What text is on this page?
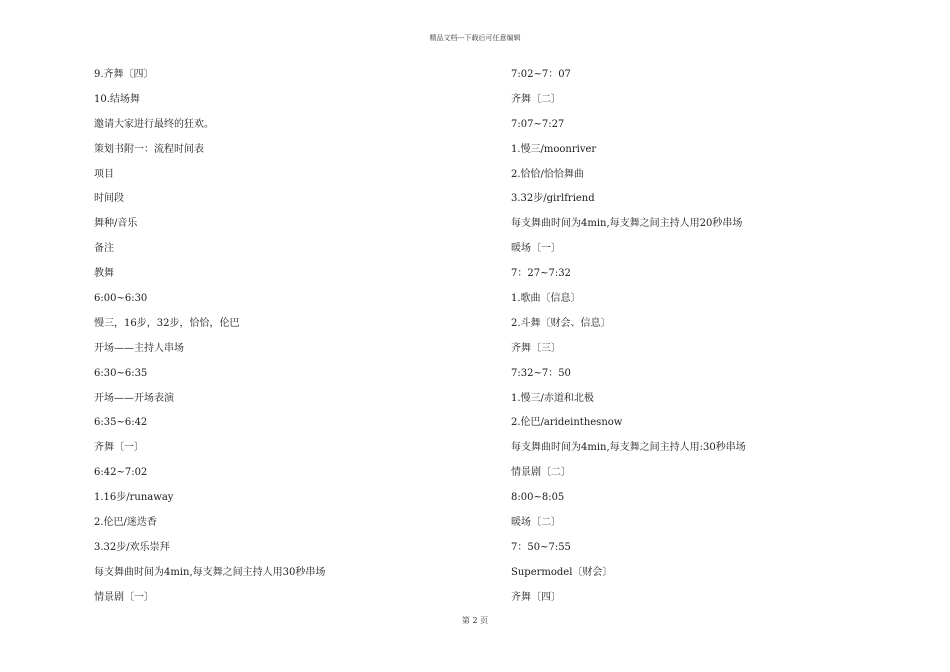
精品文档---下载后可任意编辑
9.齐舞〔四〕
10.结场舞
邀请大家进行最终的狂欢。
策划书附一：流程时间表
项目
时间段
舞种/音乐
备注
教舞
6:00~6:30
慢三，16步，32步，恰恰，伦巴
开场——主持人串场
6:30~6:35
开场——开场表演
6:35~6:42
齐舞〔一〕
6:42~7:02
1.16步/runaway
2.伦巴/迷迭香
3.32步/欢乐崇拜
每支舞曲时间为4min,每支舞之间主持人用30秒串场
情景剧〔一〕
7:02~7：07
齐舞〔二〕
7:07~7:27
1.慢三/moonriver
2.恰恰/恰恰舞曲
3.32步/girlfriend
每支舞曲时间为4min,每支舞之间主持人用20秒串场
暖场〔一〕
7：27~7:32
1.歌曲〔信息〕
2.斗舞〔财会、信息〕
齐舞〔三〕
7:32~7：50
1.慢三/赤道和北极
2.伦巴/arideinthesnow
每支舞曲时间为4min,每支舞之间主持人用:30秒串场
情景剧〔二〕
8:00~8:05
暖场〔二〕
7：50~7:55
Supermodel〔财会〕
齐舞〔四〕
第 2 页
